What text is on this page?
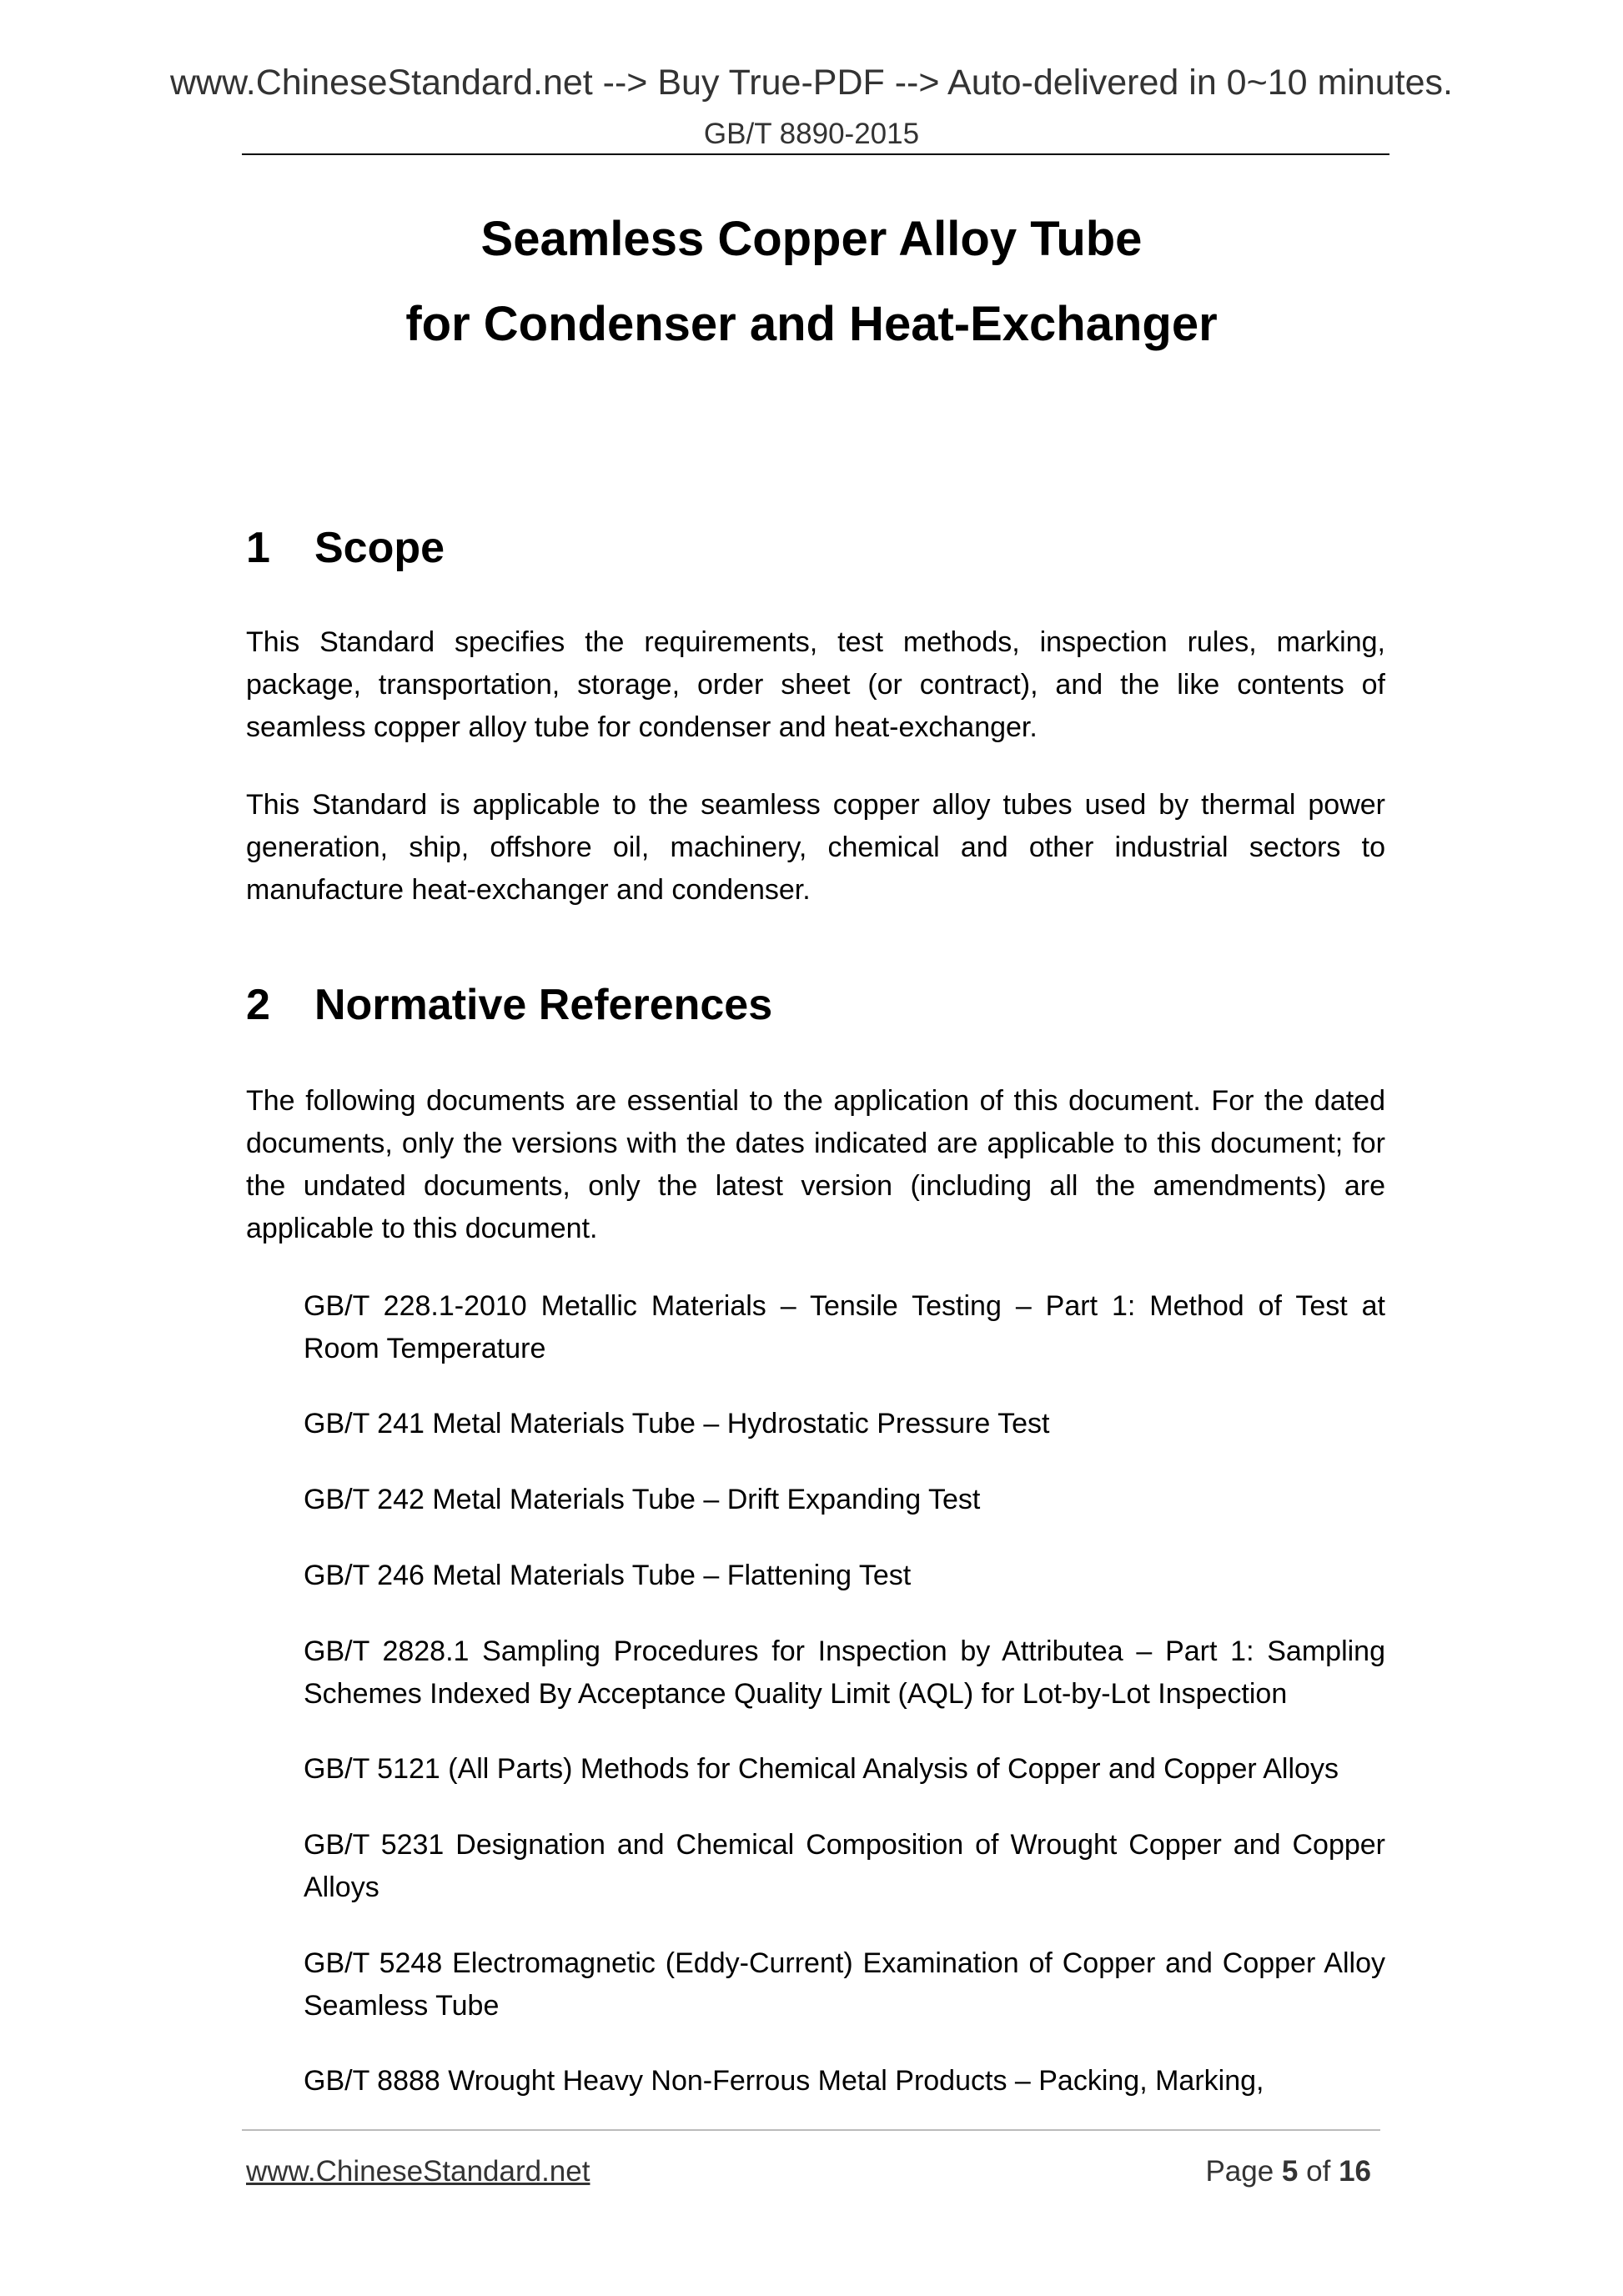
www.ChineseStandard.net --> Buy True-PDF --> Auto-delivered in 0~10 minutes.
GB/T 8890-2015
Seamless Copper Alloy Tube
for Condenser and Heat-Exchanger
1 Scope
This Standard specifies the requirements, test methods, inspection rules, marking, package, transportation, storage, order sheet (or contract), and the like contents of seamless copper alloy tube for condenser and heat-exchanger.
This Standard is applicable to the seamless copper alloy tubes used by thermal power generation, ship, offshore oil, machinery, chemical and other industrial sectors to manufacture heat-exchanger and condenser.
2 Normative References
The following documents are essential to the application of this document. For the dated documents, only the versions with the dates indicated are applicable to this document; for the undated documents, only the latest version (including all the amendments) are applicable to this document.
GB/T 228.1-2010 Metallic Materials – Tensile Testing – Part 1: Method of Test at Room Temperature
GB/T 241 Metal Materials Tube – Hydrostatic Pressure Test
GB/T 242 Metal Materials Tube – Drift Expanding Test
GB/T 246 Metal Materials Tube – Flattening Test
GB/T 2828.1 Sampling Procedures for Inspection by Attributea – Part 1: Sampling Schemes Indexed By Acceptance Quality Limit (AQL) for Lot-by-Lot Inspection
GB/T 5121 (All Parts) Methods for Chemical Analysis of Copper and Copper Alloys
GB/T 5231 Designation and Chemical Composition of Wrought Copper and Copper Alloys
GB/T 5248 Electromagnetic (Eddy-Current) Examination of Copper and Copper Alloy Seamless Tube
GB/T 8888 Wrought Heavy Non-Ferrous Metal Products – Packing, Marking,
www.ChineseStandard.net	Page 5 of 16
